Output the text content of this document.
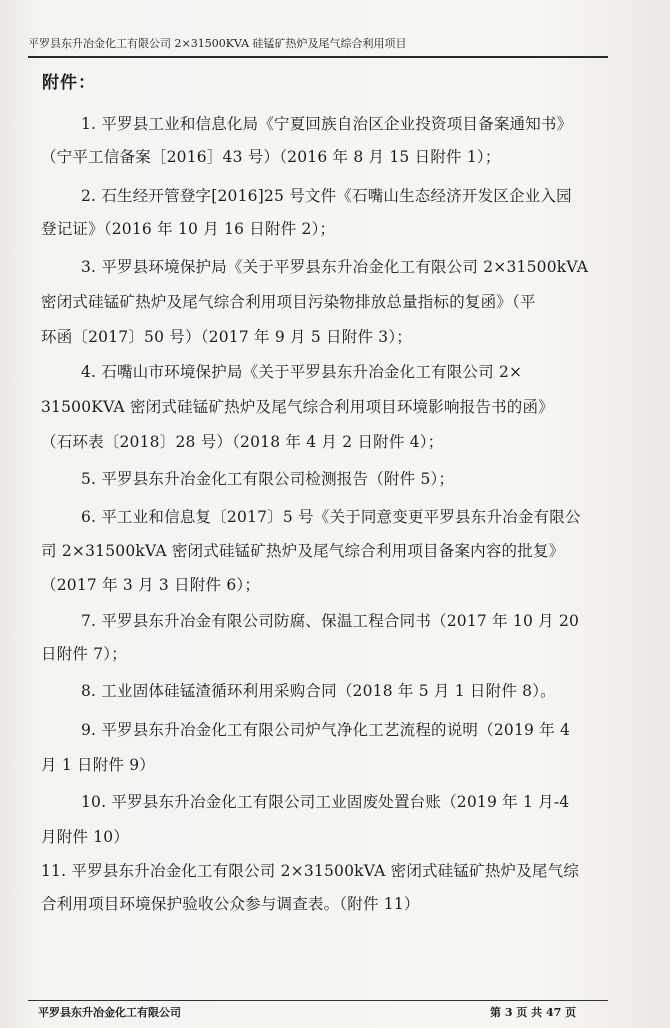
平罗县东升冶金化工有限公司 2×31500KVA 硅锰矿热炉及尾气综合利用项目
附件：
1. 平罗县工业和信息化局《宁夏回族自治区企业投资项目备案通知书》
（宁平工信备案［2016］43 号）（2016 年 8 月 15 日附件 1）；
2. 石生经开管登字[2016]25 号文件《石嘴山生态经济开发区企业入园
登记证》（2016 年 10 月 16 日附件 2）；
3. 平罗县环境保护局《关于平罗县东升冶金化工有限公司 2×31500kVA
密闭式硅锰矿热炉及尾气综合利用项目污染物排放总量指标的复函》（平
环函〔2017〕50 号）（2017 年 9 月 5 日附件 3）；
4. 石嘴山市环境保护局《关于平罗县东升冶金化工有限公司 2×
31500KVA 密闭式硅锰矿热炉及尾气综合利用项目环境影响报告书的函》
（石环表〔2018〕28 号）（2018 年 4 月 2 日附件 4）；
5. 平罗县东升冶金化工有限公司检测报告（附件 5）；
6. 平工业和信息复〔2017〕5 号《关于同意变更平罗县东升冶金有限公
司 2×31500kVA 密闭式硅锰矿热炉及尾气综合利用项目备案内容的批复》
（2017 年 3 月 3 日附件 6）；
7. 平罗县东升冶金有限公司防腐、保温工程合同书（2017 年 10 月 20
日附件 7）；
8. 工业固体硅锰渣循环利用采购合同（2018 年 5 月 1 日附件 8）。
9. 平罗县东升冶金化工有限公司炉气净化工艺流程的说明（2019 年 4
月 1 日附件 9）
10. 平罗县东升冶金化工有限公司工业固废处置台账（2019 年 1 月-4
月附件 10）
11. 平罗县东升冶金化工有限公司 2×31500kVA 密闭式硅锰矿热炉及尾气综
合利用项目环境保护验收公众参与调查表。（附件 11）
平罗县东升冶金化工有限公司	第 3 页 共 47 页
